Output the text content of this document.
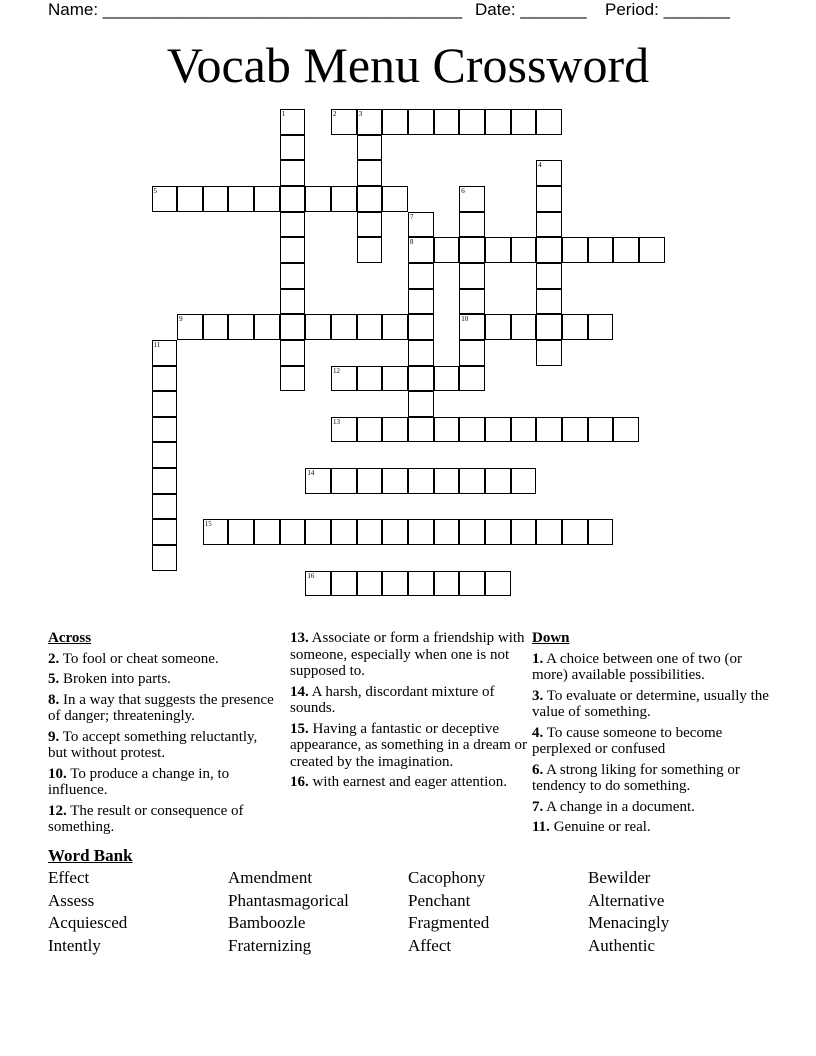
Name: ______________________________________

Date: _______

Period: _______

Vocab Menu Crossword
2	3
5
8
9	10
12
13
14
15
16
1
4
6
7
11
Across
2. To fool or cheat someone.
5. Broken into parts.
8. In a way that suggests the presence of danger; threateningly.
9. To accept something reluctantly, but without protest.
10. To produce a change in, to influence.
12. The result or consequence of something.
13. Associate or form a friendship with someone, especially when one is not supposed to.
14. A harsh, discordant mixture of sounds.
15. Having a fantastic or deceptive appearance, as something in a dream or created by the imagination.
16. with earnest and eager attention.
Down
1. A choice between one of two (or more) available possibilities.
3. To evaluate or determine, usually the value of something.
4. To cause someone to become perplexed or confused
6. A strong liking for something or tendency to do something.
7. A change in a document.
11. Genuine or real.
Word Bank
Effect	Amendment	Cacophony	Bewilder
Assess	Phantasmagorical	Penchant	Alternative
Acquiesced	Bamboozle	Fragmented	Menacingly
Intently	Fraternizing	Affect	Authentic
